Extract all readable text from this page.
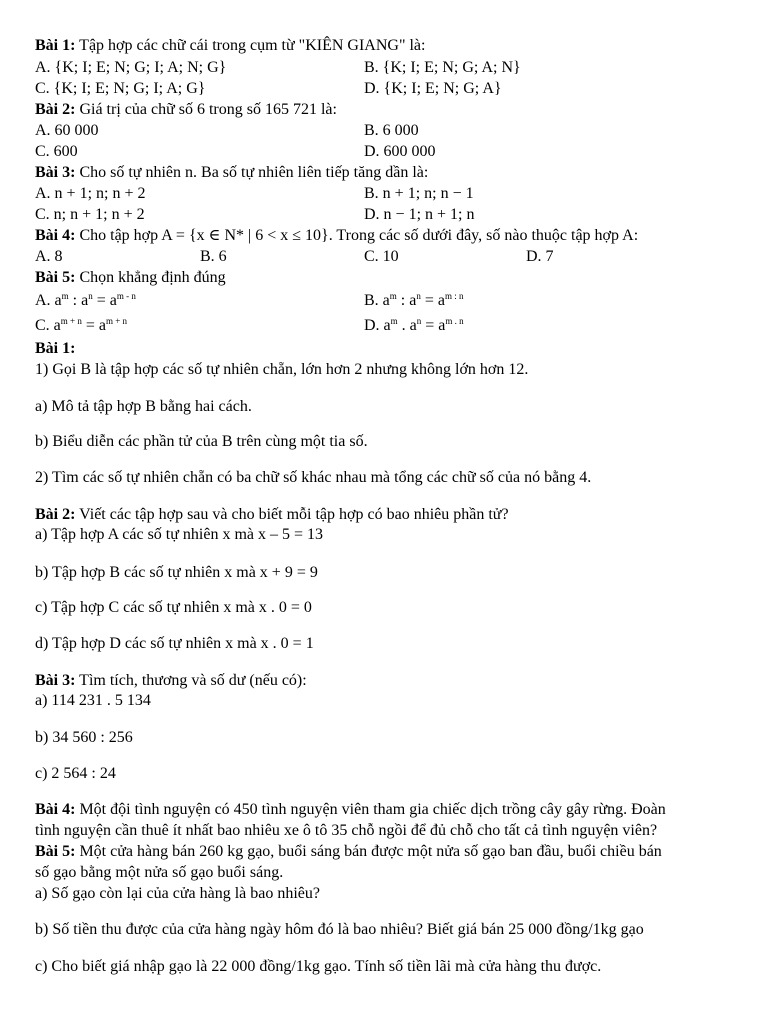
Bài 1: Tập hợp các chữ cái trong cụm từ "KIÊN GIANG" là:
A. {K; I; E; N; G; I; A; N; G}	B. {K; I; E; N; G; A; N}
C. {K; I; E; N; G; I; A; G}	D. {K; I; E; N; G; A}
Bài 2: Giá trị của chữ số 6 trong số 165 721 là:
A. 60 000	B. 6 000
C. 600	D. 600 000
Bài 3: Cho số tự nhiên n. Ba số tự nhiên liên tiếp tăng dần là:
A. n + 1; n; n + 2	B. n + 1; n; n − 1
C. n; n + 1; n + 2	D. n − 1; n + 1; n
Bài 4: Cho tập hợp A = {x ∈ N* | 6 < x ≤ 10}. Trong các số dưới đây, số nào thuộc tập hợp A:
A. 8	B. 6	C. 10	D. 7
Bài 5: Chọn khẳng định đúng
A. $a^m$ : $a^n = a^{m - n}$	B. $a^m$ : $a^n = a^{m : n}$
C. $a^{m + n} = a^{m + n}$	D. $a^m$ . $a^n = a^{m . n}$
Bài 1:
1) Gọi B là tập hợp các số tự nhiên chẵn, lớn hơn 2 nhưng không lớn hơn 12.
a) Mô tả tập hợp B bằng hai cách.
b) Biểu diễn các phần tử của B trên cùng một tia số.
2) Tìm các số tự nhiên chẵn có ba chữ số khác nhau mà tổng các chữ số của nó bằng 4.
Bài 2: Viết các tập hợp sau và cho biết mỗi tập hợp có bao nhiêu phần tử?
a) Tập hợp A các số tự nhiên x mà x – 5 = 13
b) Tập hợp B các số tự nhiên x mà x + 9 = 9
c) Tập hợp C các số tự nhiên x mà x . 0 = 0
d) Tập hợp D các số tự nhiên x mà x . 0 = 1
Bài 3: Tìm tích, thương và số dư (nếu có):
a) 114 231 . 5 134
b) 34 560 : 256
c) 2 564 : 24
Bài 4: Một đội tình nguyện có 450 tình nguyện viên tham gia chiếc dịch trồng cây gây rừng. Đoàn
tình nguyện cần thuê ít nhất bao nhiêu xe ô tô 35 chỗ ngồi để đủ chỗ cho tất cả tình nguyện viên?
Bài 5: Một cửa hàng bán 260 kg gạo, buổi sáng bán được một nửa số gạo ban đầu, buổi chiều bán
số gạo bằng một nửa số gạo buổi sáng.
a) Số gạo còn lại của cửa hàng là bao nhiêu?
b) Số tiền thu được của cửa hàng ngày hôm đó là bao nhiêu? Biết giá bán 25 000 đồng/1kg gạo
c) Cho biết giá nhập gạo là 22 000 đồng/1kg gạo. Tính số tiền lãi mà cửa hàng thu được.
